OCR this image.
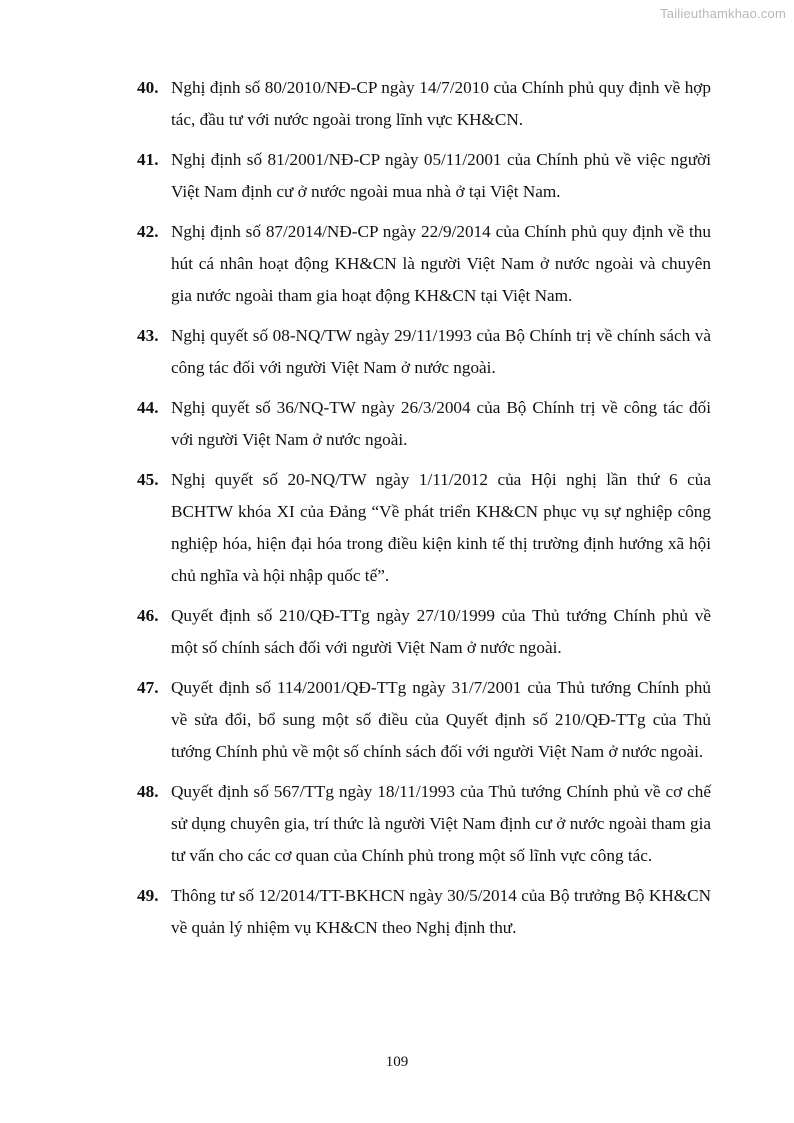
Tailieuthamkhao.com
40. Nghị định số 80/2010/NĐ-CP ngày 14/7/2010 của Chính phủ quy định về hợp tác, đầu tư với nước ngoài trong lĩnh vực KH&CN.
41. Nghị định số 81/2001/NĐ-CP ngày 05/11/2001 của Chính phủ về việc người Việt Nam định cư ở nước ngoài mua nhà ở tại Việt Nam.
42. Nghị định số 87/2014/NĐ-CP ngày 22/9/2014 của Chính phủ quy định về thu hút cá nhân hoạt động KH&CN là người Việt Nam ở nước ngoài và chuyên gia nước ngoài tham gia hoạt động KH&CN tại Việt Nam.
43. Nghị quyết số 08-NQ/TW ngày 29/11/1993 của Bộ Chính trị về chính sách và công tác đối với người Việt Nam ở nước ngoài.
44. Nghị quyết số 36/NQ-TW ngày 26/3/2004 của Bộ Chính trị về công tác đối với người Việt Nam ở nước ngoài.
45. Nghị quyết số 20-NQ/TW ngày 1/11/2012 của Hội nghị lần thứ 6 của BCHTW khóa XI của Đảng “Về phát triển KH&CN phục vụ sự nghiệp công nghiệp hóa, hiện đại hóa trong điều kiện kinh tế thị trường định hướng xã hội chủ nghĩa và hội nhập quốc tế”.
46. Quyết định số 210/QĐ-TTg ngày 27/10/1999 của Thủ tướng Chính phủ về một số chính sách đối với người Việt Nam ở nước ngoài.
47. Quyết định số 114/2001/QĐ-TTg ngày 31/7/2001 của Thủ tướng Chính phủ về sửa đổi, bổ sung một số điều của Quyết định số 210/QĐ-TTg của Thủ tướng Chính phủ về một số chính sách đối với người Việt Nam ở nước ngoài.
48. Quyết định số 567/TTg ngày 18/11/1993 của Thủ tướng Chính phủ về cơ chế sử dụng chuyên gia, trí thức là người Việt Nam định cư ở nước ngoài tham gia tư vấn cho các cơ quan của Chính phủ trong một số lĩnh vực công tác.
49. Thông tư số 12/2014/TT-BKHCN ngày 30/5/2014 của Bộ trưởng Bộ KH&CN về quản lý nhiệm vụ KH&CN theo Nghị định thư.
109
